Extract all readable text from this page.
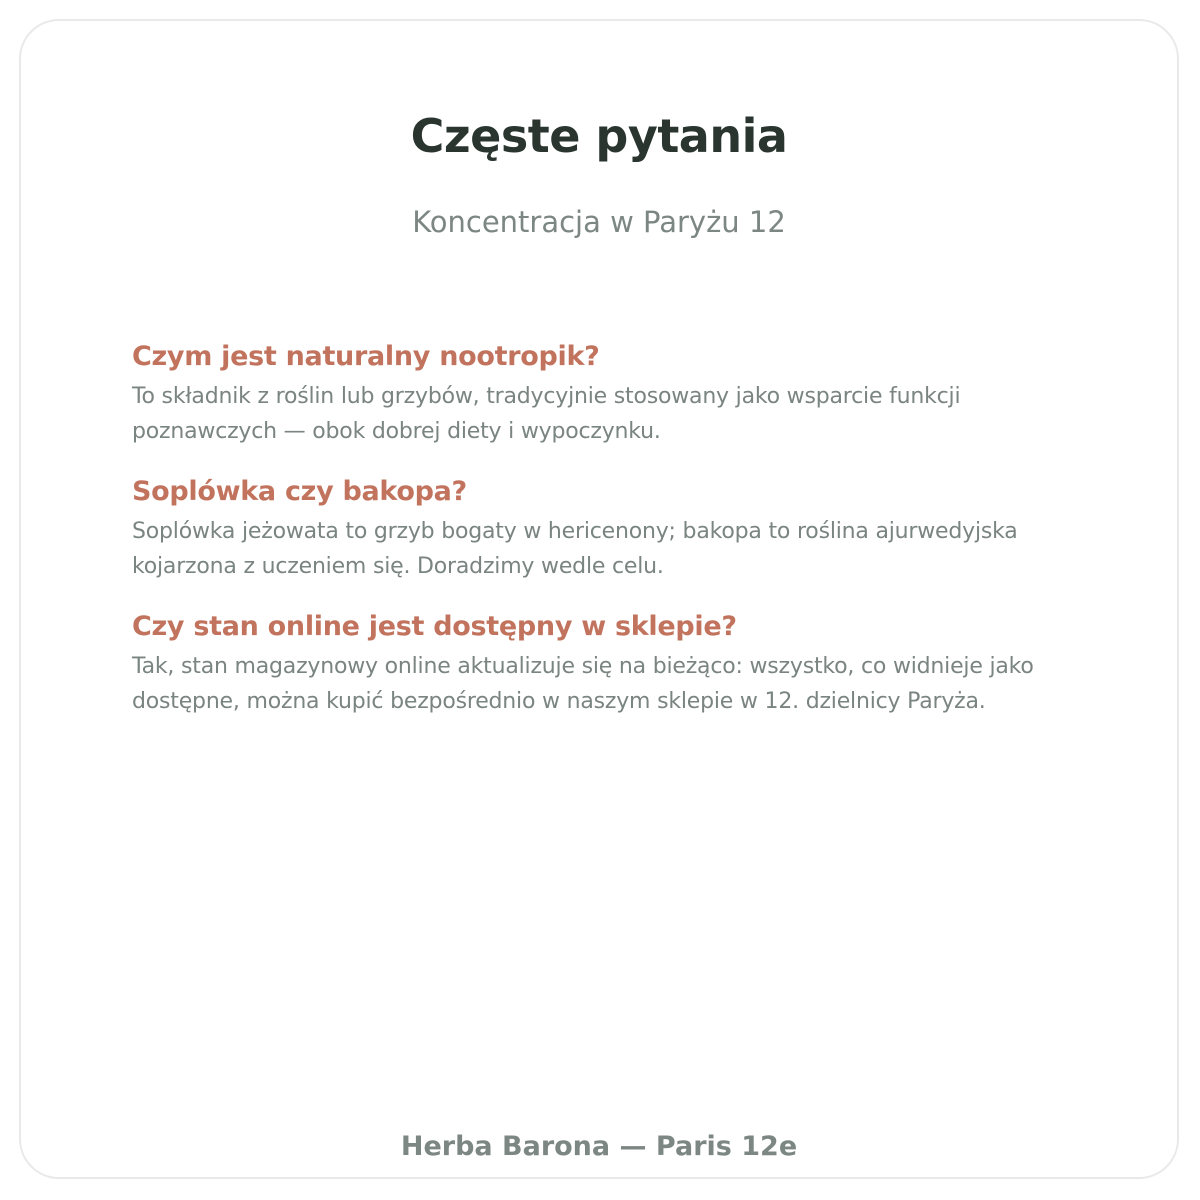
Częste pytania

Koncentracja w Paryżu 12

Czym jest naturalny nootropik?

To składnik z roślin lub grzybów, tradycyjnie stosowany jako wsparcie funkcji poznawczych — obok dobrej diety i wypoczynku.

Soplówka czy bakopa?

Soplówka jeżowata to grzyb bogaty w hericenony; bakopa to roślina ajurwedyjska kojarzona z uczeniem się. Doradzimy wedle celu.

Czy stan online jest dostępny w sklepie?

Tak, stan magazynowy online aktualizuje się na bieżąco: wszystko, co widnieje jako dostępne, można kupić bezpośrednio w naszym sklepie w 12. dzielnicy Paryża.

Herba Barona — Paris 12e
